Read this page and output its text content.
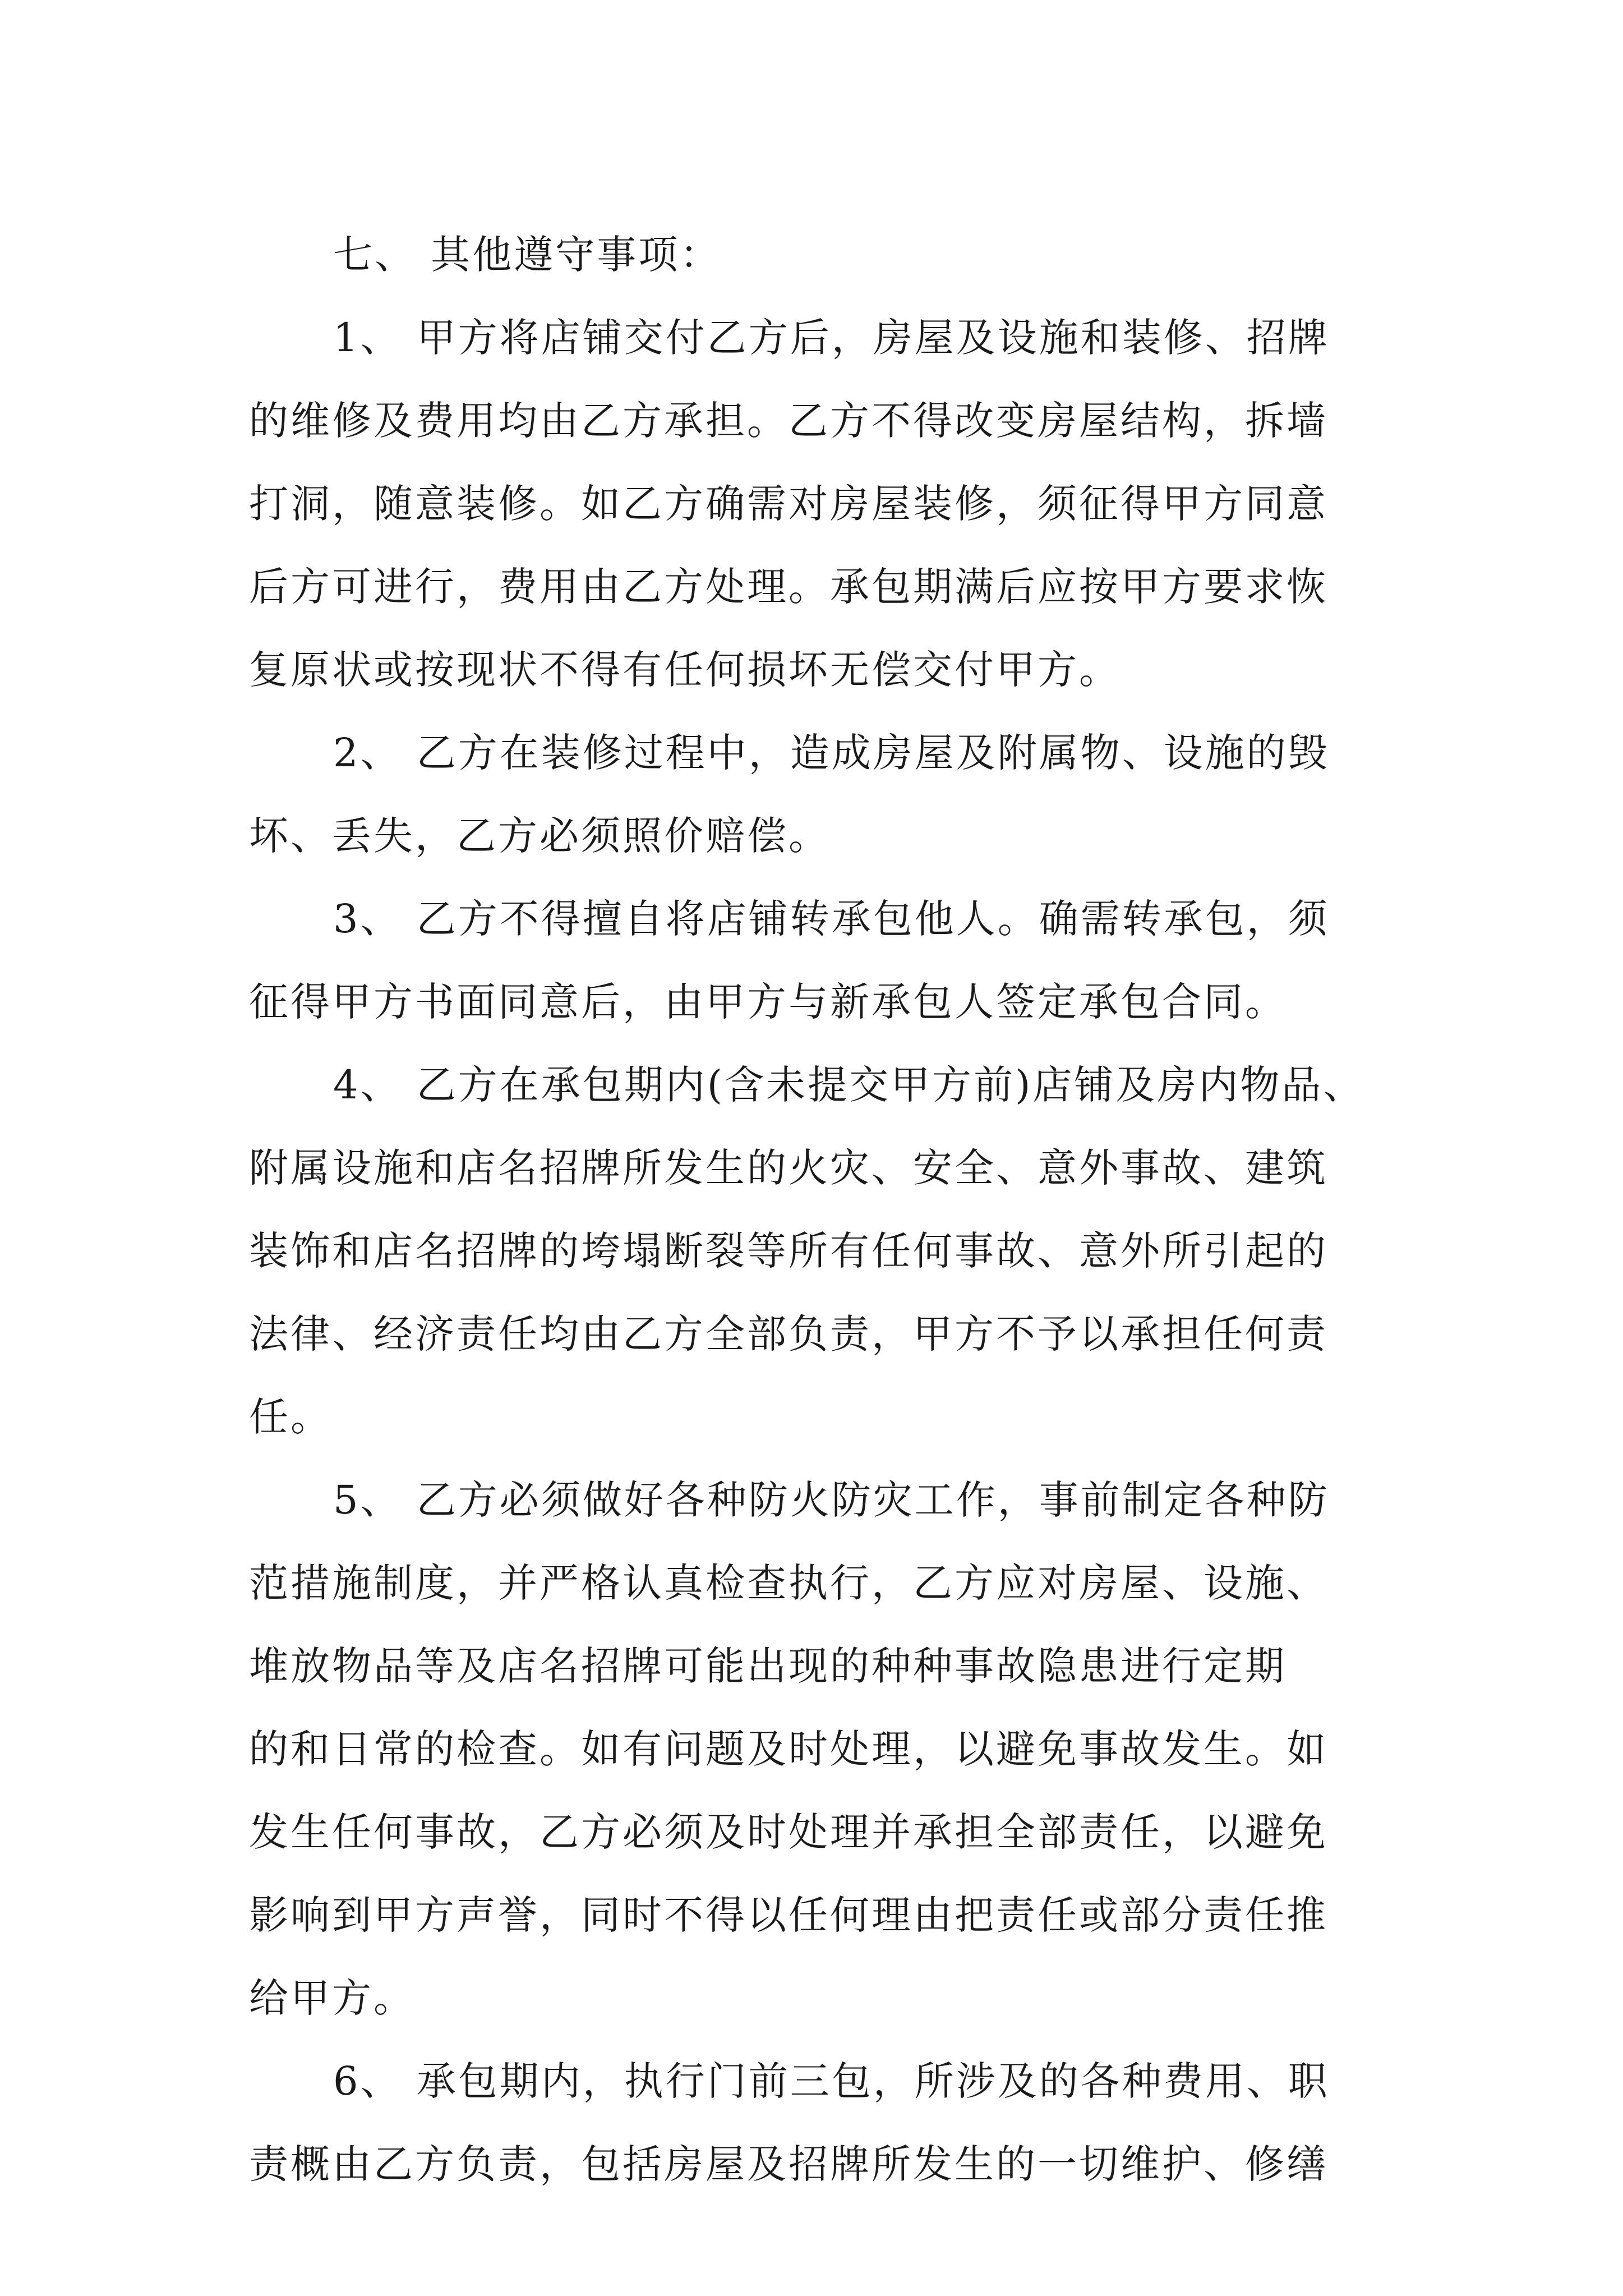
七、 其他遵守事项：
1、 甲方将店铺交付乙方后，房屋及设施和装修、招牌
的维修及费用均由乙方承担。乙方不得改变房屋结构，拆墙
打洞，随意装修。如乙方确需对房屋装修，须征得甲方同意
后方可进行，费用由乙方处理。承包期满后应按甲方要求恢
复原状或按现状不得有任何损坏无偿交付甲方。
2、 乙方在装修过程中，造成房屋及附属物、设施的毁
坏、丢失，乙方必须照价赔偿。
3、 乙方不得擅自将店铺转承包他人。确需转承包，须
征得甲方书面同意后，由甲方与新承包人签定承包合同。
4、 乙方在承包期内(含未提交甲方前)店铺及房内物品、
附属设施和店名招牌所发生的火灾、安全、意外事故、建筑
装饰和店名招牌的垮塌断裂等所有任何事故、意外所引起的
法律、经济责任均由乙方全部负责，甲方不予以承担任何责
任。
5、 乙方必须做好各种防火防灾工作，事前制定各种防
范措施制度，并严格认真检查执行，乙方应对房屋、设施、
堆放物品等及店名招牌可能出现的种种事故隐患进行定期
的和日常的检查。如有问题及时处理，以避免事故发生。如
发生任何事故，乙方必须及时处理并承担全部责任，以避免
影响到甲方声誉，同时不得以任何理由把责任或部分责任推
给甲方。
6、 承包期内，执行门前三包，所涉及的各种费用、职
责概由乙方负责，包括房屋及招牌所发生的一切维护、修缮
